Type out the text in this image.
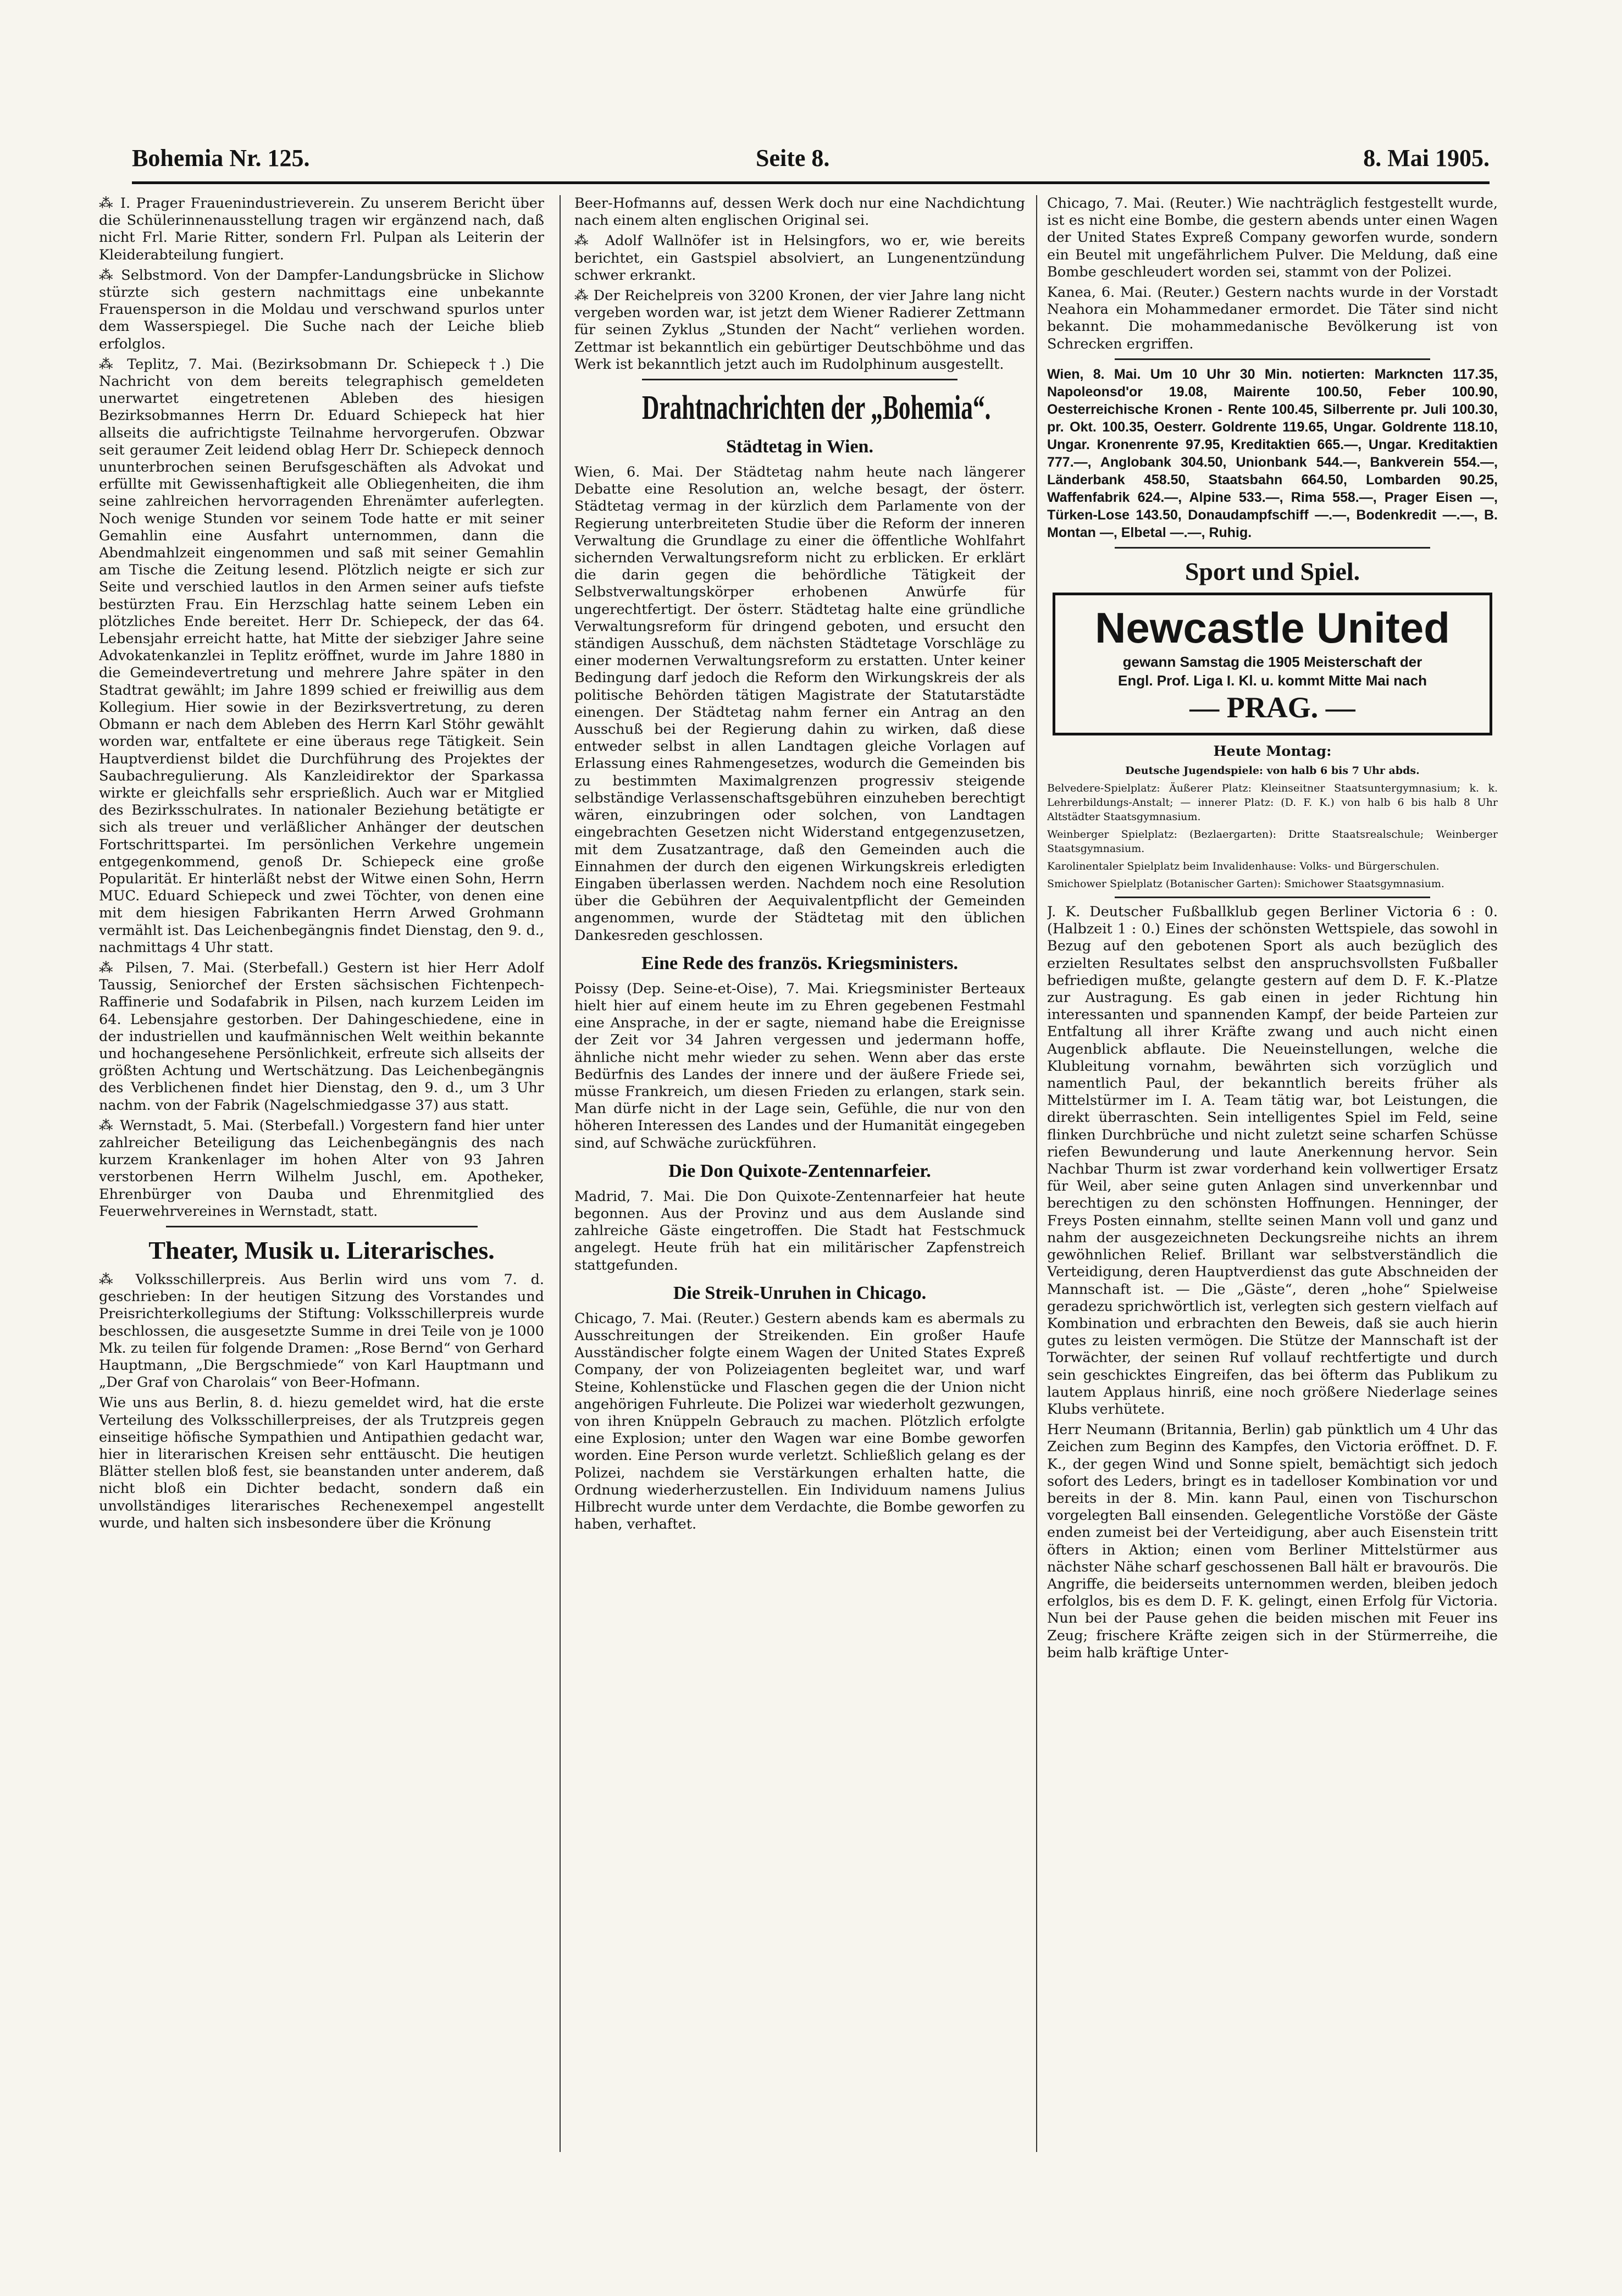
Bohemia Nr. 125.	Seite 8.	8. Mai 1905.

⁂ I. Prager Frauenindustrieverein. Zu unserem Bericht über die Schülerinnenausstellung tragen wir ergänzend nach, daß nicht Frl. Marie Ritter, sondern Frl. Pulpan als Leiterin der Kleiderabteilung fungiert.

⁂ Selbstmord. Von der Dampfer-Landungsbrücke in Slichow stürzte sich gestern nachmittags eine unbekannte Frauensperson in die Moldau und verschwand spurlos unter dem Wasserspiegel. Die Suche nach der Leiche blieb erfolglos.

⁂ Teplitz, 7. Mai. (Bezirksobmann Dr. Schiepeck †.) Die Nachricht von dem bereits telegraphisch gemeldeten unerwartet eingetretenen Ableben des hiesigen Bezirksobmannes Herrn Dr. Eduard Schiepeck hat hier allseits die aufrichtigste Teilnahme hervorgerufen. Obzwar seit geraumer Zeit leidend oblag Herr Dr. Schiepeck dennoch ununterbrochen seinen Berufsgeschäften als Advokat und erfüllte mit Gewissenhaftigkeit alle Obliegenheiten, die ihm seine zahlreichen hervorragenden Ehrenämter auferlegten. Noch wenige Stunden vor seinem Tode hatte er mit seiner Gemahlin eine Ausfahrt unternommen, dann die Abendmahlzeit eingenommen und saß mit seiner Gemahlin am Tische die Zeitung lesend. Plötzlich neigte er sich zur Seite und verschied lautlos in den Armen seiner aufs tiefste bestürzten Frau. Ein Herzschlag hatte seinem Leben ein plötzliches Ende bereitet. Herr Dr. Schiepeck, der das 64. Lebensjahr erreicht hatte, hat Mitte der siebziger Jahre seine Advokatenkanzlei in Teplitz eröffnet, wurde im Jahre 1880 in die Gemeindevertretung und mehrere Jahre später in den Stadtrat gewählt; im Jahre 1899 schied er freiwillig aus dem Kollegium. Hier sowie in der Bezirksvertretung, zu deren Obmann er nach dem Ableben des Herrn Karl Stöhr gewählt worden war, entfaltete er eine überaus rege Tätigkeit. Sein Hauptverdienst bildet die Durchführung des Projektes der Saubachregulierung. Als Kanzleidirektor der Sparkassa wirkte er gleichfalls sehr ersprießlich. Auch war er Mitglied des Bezirksschulrates. In nationaler Beziehung betätigte er sich als treuer und verläßlicher Anhänger der deutschen Fortschrittspartei. Im persönlichen Verkehre ungemein entgegenkommend, genoß Dr. Schiepeck eine große Popularität. Er hinterläßt nebst der Witwe einen Sohn, Herrn MUC. Eduard Schiepeck und zwei Töchter, von denen eine mit dem hiesigen Fabrikanten Herrn Arwed Grohmann vermählt ist. Das Leichenbegängnis findet Dienstag, den 9. d., nachmittags 4 Uhr statt.

⁂ Pilsen, 7. Mai. (Sterbefall.) Gestern ist hier Herr Adolf Taussig, Seniorchef der Ersten sächsischen Fichtenpech-Raffinerie und Sodafabrik in Pilsen, nach kurzem Leiden im 64. Lebensjahre gestorben. Der Dahingeschiedene, eine in der industriellen und kaufmännischen Welt weithin bekannte und hochangesehene Persönlichkeit, erfreute sich allseits der größten Achtung und Wertschätzung. Das Leichenbegängnis des Verblichenen findet hier Dienstag, den 9. d., um 3 Uhr nachm. von der Fabrik (Nagelschmiedgasse 37) aus statt.

⁂ Wernstadt, 5. Mai. (Sterbefall.) Vorgestern fand hier unter zahlreicher Beteiligung das Leichenbegängnis des nach kurzem Krankenlager im hohen Alter von 93 Jahren verstorbenen Herrn Wilhelm Juschl, em. Apotheker, Ehrenbürger von Dauba und Ehrenmitglied des Feuerwehrvereines in Wernstadt, statt.

Theater, Musik u. Literarisches.

⁂ Volksschillerpreis. Aus Berlin wird uns vom 7. d. geschrieben: In der heutigen Sitzung des Vorstandes und Preisrichterkollegiums der Stiftung: Volksschillerpreis wurde beschlossen, die ausgesetzte Summe in drei Teile von je 1000 Mk. zu teilen für folgende Dramen: „Rose Bernd“ von Gerhard Hauptmann, „Die Bergschmiede“ von Karl Hauptmann und „Der Graf von Charolais“ von Beer-Hofmann.

Wie uns aus Berlin, 8. d. hiezu gemeldet wird, hat die erste Verteilung des Volksschillerpreises, der als Trutzpreis gegen einseitige höfische Sympathien und Antipathien gedacht war, hier in literarischen Kreisen sehr enttäuscht. Die heutigen Blätter stellen bloß fest, sie beanstanden unter anderem, daß nicht bloß ein Dichter bedacht, sondern daß ein unvollständiges literarisches Rechenexempel angestellt wurde, und halten sich insbesondere über die Krönung

Beer-Hofmanns auf, dessen Werk doch nur eine Nachdichtung nach einem alten englischen Original sei.

⁂ Adolf Wallnöfer ist in Helsingfors, wo er, wie bereits berichtet, ein Gastspiel absolviert, an Lungenentzündung schwer erkrankt.

⁂ Der Reichelpreis von 3200 Kronen, der vier Jahre lang nicht vergeben worden war, ist jetzt dem Wiener Radierer Zettmann für seinen Zyklus „Stunden der Nacht“ verliehen worden. Zettmar ist bekanntlich ein gebürtiger Deutschböhme und das Werk ist bekanntlich jetzt auch im Rudolphinum ausgestellt.

Drahtnachrichten der „Bohemia“.
Städtetag in Wien.

Wien, 6. Mai. Der Städtetag nahm heute nach längerer Debatte eine Resolution an, welche besagt, der österr. Städtetag vermag in der kürzlich dem Parlamente von der Regierung unterbreiteten Studie über die Reform der inneren Verwaltung die Grundlage zu einer die öffentliche Wohlfahrt sichernden Verwaltungsreform nicht zu erblicken. Er erklärt die darin gegen die behördliche Tätigkeit der Selbstverwaltungskörper erhobenen Anwürfe für ungerechtfertigt. Der österr. Städtetag halte eine gründliche Verwaltungsreform für dringend geboten, und ersucht den ständigen Ausschuß, dem nächsten Städtetage Vorschläge zu einer modernen Verwaltungsreform zu erstatten. Unter keiner Bedingung darf jedoch die Reform den Wirkungskreis der als politische Behörden tätigen Magistrate der Statutarstädte einengen. Der Städtetag nahm ferner ein Antrag an den Ausschuß bei der Regierung dahin zu wirken, daß diese entweder selbst in allen Landtagen gleiche Vorlagen auf Erlassung eines Rahmengesetzes, wodurch die Gemeinden bis zu bestimmten Maximalgrenzen progressiv steigende selbständige Verlassenschaftsgebühren einzuheben berechtigt wären, einzubringen oder solchen, von Landtagen eingebrachten Gesetzen nicht Widerstand entgegenzusetzen, mit dem Zusatzantrage, daß den Gemeinden auch die Einnahmen der durch den eigenen Wirkungskreis erledigten Eingaben überlassen werden. Nachdem noch eine Resolution über die Gebühren der Aequivalentpflicht der Gemeinden angenommen, wurde der Städtetag mit den üblichen Dankesreden geschlossen.

Eine Rede des französ. Kriegsministers.

Poissy (Dep. Seine-et-Oise), 7. Mai. Kriegsminister Berteaux hielt hier auf einem heute im zu Ehren gegebenen Festmahl eine Ansprache, in der er sagte, niemand habe die Ereignisse der Zeit vor 34 Jahren vergessen und jedermann hoffe, ähnliche nicht mehr wieder zu sehen. Wenn aber das erste Bedürfnis des Landes der innere und der äußere Friede sei, müsse Frankreich, um diesen Frieden zu erlangen, stark sein. Man dürfe nicht in der Lage sein, Gefühle, die nur von den höheren Interessen des Landes und der Humanität eingegeben sind, auf Schwäche zurückführen.

Die Don Quixote-Zentennarfeier.

Madrid, 7. Mai. Die Don Quixote-Zentennarfeier hat heute begonnen. Aus der Provinz und aus dem Auslande sind zahlreiche Gäste eingetroffen. Die Stadt hat Festschmuck angelegt. Heute früh hat ein militärischer Zapfenstreich stattgefunden.

Die Streik-Unruhen in Chicago.

Chicago, 7. Mai. (Reuter.) Gestern abends kam es abermals zu Ausschreitungen der Streikenden. Ein großer Haufe Ausständischer folgte einem Wagen der United States Expreß Company, der von Polizeiagenten begleitet war, und warf Steine, Kohlenstücke und Flaschen gegen die der Union nicht angehörigen Fuhrleute. Die Polizei war wiederholt gezwungen, von ihren Knüppeln Gebrauch zu machen. Plötzlich erfolgte eine Explosion; unter den Wagen war eine Bombe geworfen worden. Eine Person wurde verletzt. Schließlich gelang es der Polizei, nachdem sie Verstärkungen erhalten hatte, die Ordnung wiederherzustellen. Ein Individuum namens Julius Hilbrecht wurde unter dem Verdachte, die Bombe geworfen zu haben, verhaftet.

Chicago, 7. Mai. (Reuter.) Wie nachträglich festgestellt wurde, ist es nicht eine Bombe, die gestern abends unter einen Wagen der United States Expreß Company geworfen wurde, sondern ein Beutel mit ungefährlichem Pulver. Die Meldung, daß eine Bombe geschleudert worden sei, stammt von der Polizei.

Kanea, 6. Mai. (Reuter.) Gestern nachts wurde in der Vorstadt Neahora ein Mohammedaner ermordet. Die Täter sind nicht bekannt. Die mohammedanische Bevölkerung ist von Schrecken ergriffen.

Wien, 8. Mai. Um 10 Uhr 30 Min. notierten: Markncten 117.35, Napoleonsd'or 19.08, Mairente 100.50, Feber 100.90, Oesterreichische Kronen - Rente 100.45, Silberrente pr. Juli 100.30, pr. Okt. 100.35, Oesterr. Goldrente 119.65, Ungar. Goldrente 118.10, Ungar. Kronenrente 97.95, Kreditaktien 665.—, Ungar. Kreditaktien 777.—, Anglobank 304.50, Unionbank 544.—, Bankverein 554.—, Länderbank 458.50, Staatsbahn 664.50, Lombarden 90.25, Waffenfabrik 624.—, Alpine 533.—, Rima 558.—, Prager Eisen —, Türken-Lose 143.50, Donaudampfschiff —.—, Bodenkredit —.—, B. Montan —, Elbetal —.—, Ruhig.

Sport und Spiel.
Newcastle United
gewann Samstag die 1905 Meisterschaft der
Engl. Prof. Liga I. Kl. u. kommt Mitte Mai nach
— PRAG. —

Heute Montag:

Deutsche Jugendspiele: von halb 6 bis 7 Uhr abds.

Belvedere-Spielplatz: Äußerer Platz: Kleinseitner Staatsuntergymnasium; k. k. Lehrerbildungs-Anstalt; — innerer Platz: (D. F. K.) von halb 6 bis halb 8 Uhr Altstädter Staatsgymnasium.

Weinberger Spielplatz: (Bezlaergarten): Dritte Staatsrealschule; Weinberger Staatsgymnasium.

Karolinentaler Spielplatz beim Invalidenhause: Volks- und Bürgerschulen.

Smichower Spielplatz (Botanischer Garten): Smichower Staatsgymnasium.

J. K. Deutscher Fußballklub gegen Berliner Victoria 6 : 0. (Halbzeit 1 : 0.) Eines der schönsten Wettspiele, das sowohl in Bezug auf den gebotenen Sport als auch bezüglich des erzielten Resultates selbst den anspruchsvollsten Fußballer befriedigen mußte, gelangte gestern auf dem D. F. K.-Platze zur Austragung. Es gab einen in jeder Richtung hin interessanten und spannenden Kampf, der beide Parteien zur Entfaltung all ihrer Kräfte zwang und auch nicht einen Augenblick abflaute. Die Neueinstellungen, welche die Klubleitung vornahm, bewährten sich vorzüglich und namentlich Paul, der bekanntlich bereits früher als Mittelstürmer im I. A. Team tätig war, bot Leistungen, die direkt überraschten. Sein intelligentes Spiel im Feld, seine flinken Durchbrüche und nicht zuletzt seine scharfen Schüsse riefen Bewunderung und laute Anerkennung hervor. Sein Nachbar Thurm ist zwar vorderhand kein vollwertiger Ersatz für Weil, aber seine guten Anlagen sind unverkennbar und berechtigen zu den schönsten Hoffnungen. Henninger, der Freys Posten einnahm, stellte seinen Mann voll und ganz und nahm der ausgezeichneten Deckungsreihe nichts an ihrem gewöhnlichen Relief. Brillant war selbstverständlich die Verteidigung, deren Hauptverdienst das gute Abschneiden der Mannschaft ist. — Die „Gäste“, deren „hohe“ Spielweise geradezu sprichwörtlich ist, verlegten sich gestern vielfach auf Kombination und erbrachten den Beweis, daß sie auch hierin gutes zu leisten vermögen. Die Stütze der Mannschaft ist der Torwächter, der seinen Ruf vollauf rechtfertigte und durch sein geschicktes Eingreifen, das bei öfterm das Publikum zu lautem Applaus hinriß, eine noch größere Niederlage seines Klubs verhütete.

Herr Neumann (Britannia, Berlin) gab pünktlich um 4 Uhr das Zeichen zum Beginn des Kampfes, den Victoria eröffnet. D. F. K., der gegen Wind und Sonne spielt, bemächtigt sich jedoch sofort des Leders, bringt es in tadelloser Kombination vor und bereits in der 8. Min. kann Paul, einen von Tischurschon vorgelegten Ball einsenden. Gelegentliche Vorstöße der Gäste enden zumeist bei der Verteidigung, aber auch Eisenstein tritt öfters in Aktion; einen vom Berliner Mittelstürmer aus nächster Nähe scharf geschossenen Ball hält er bravourös. Die Angriffe, die beiderseits unternommen werden, bleiben jedoch erfolglos, bis es dem D. F. K. gelingt, einen Erfolg für Victoria. Nun bei der Pause gehen die beiden mischen mit Feuer ins Zeug; frischere Kräfte zeigen sich in der Stürmerreihe, die beim halb kräftige Unter-
